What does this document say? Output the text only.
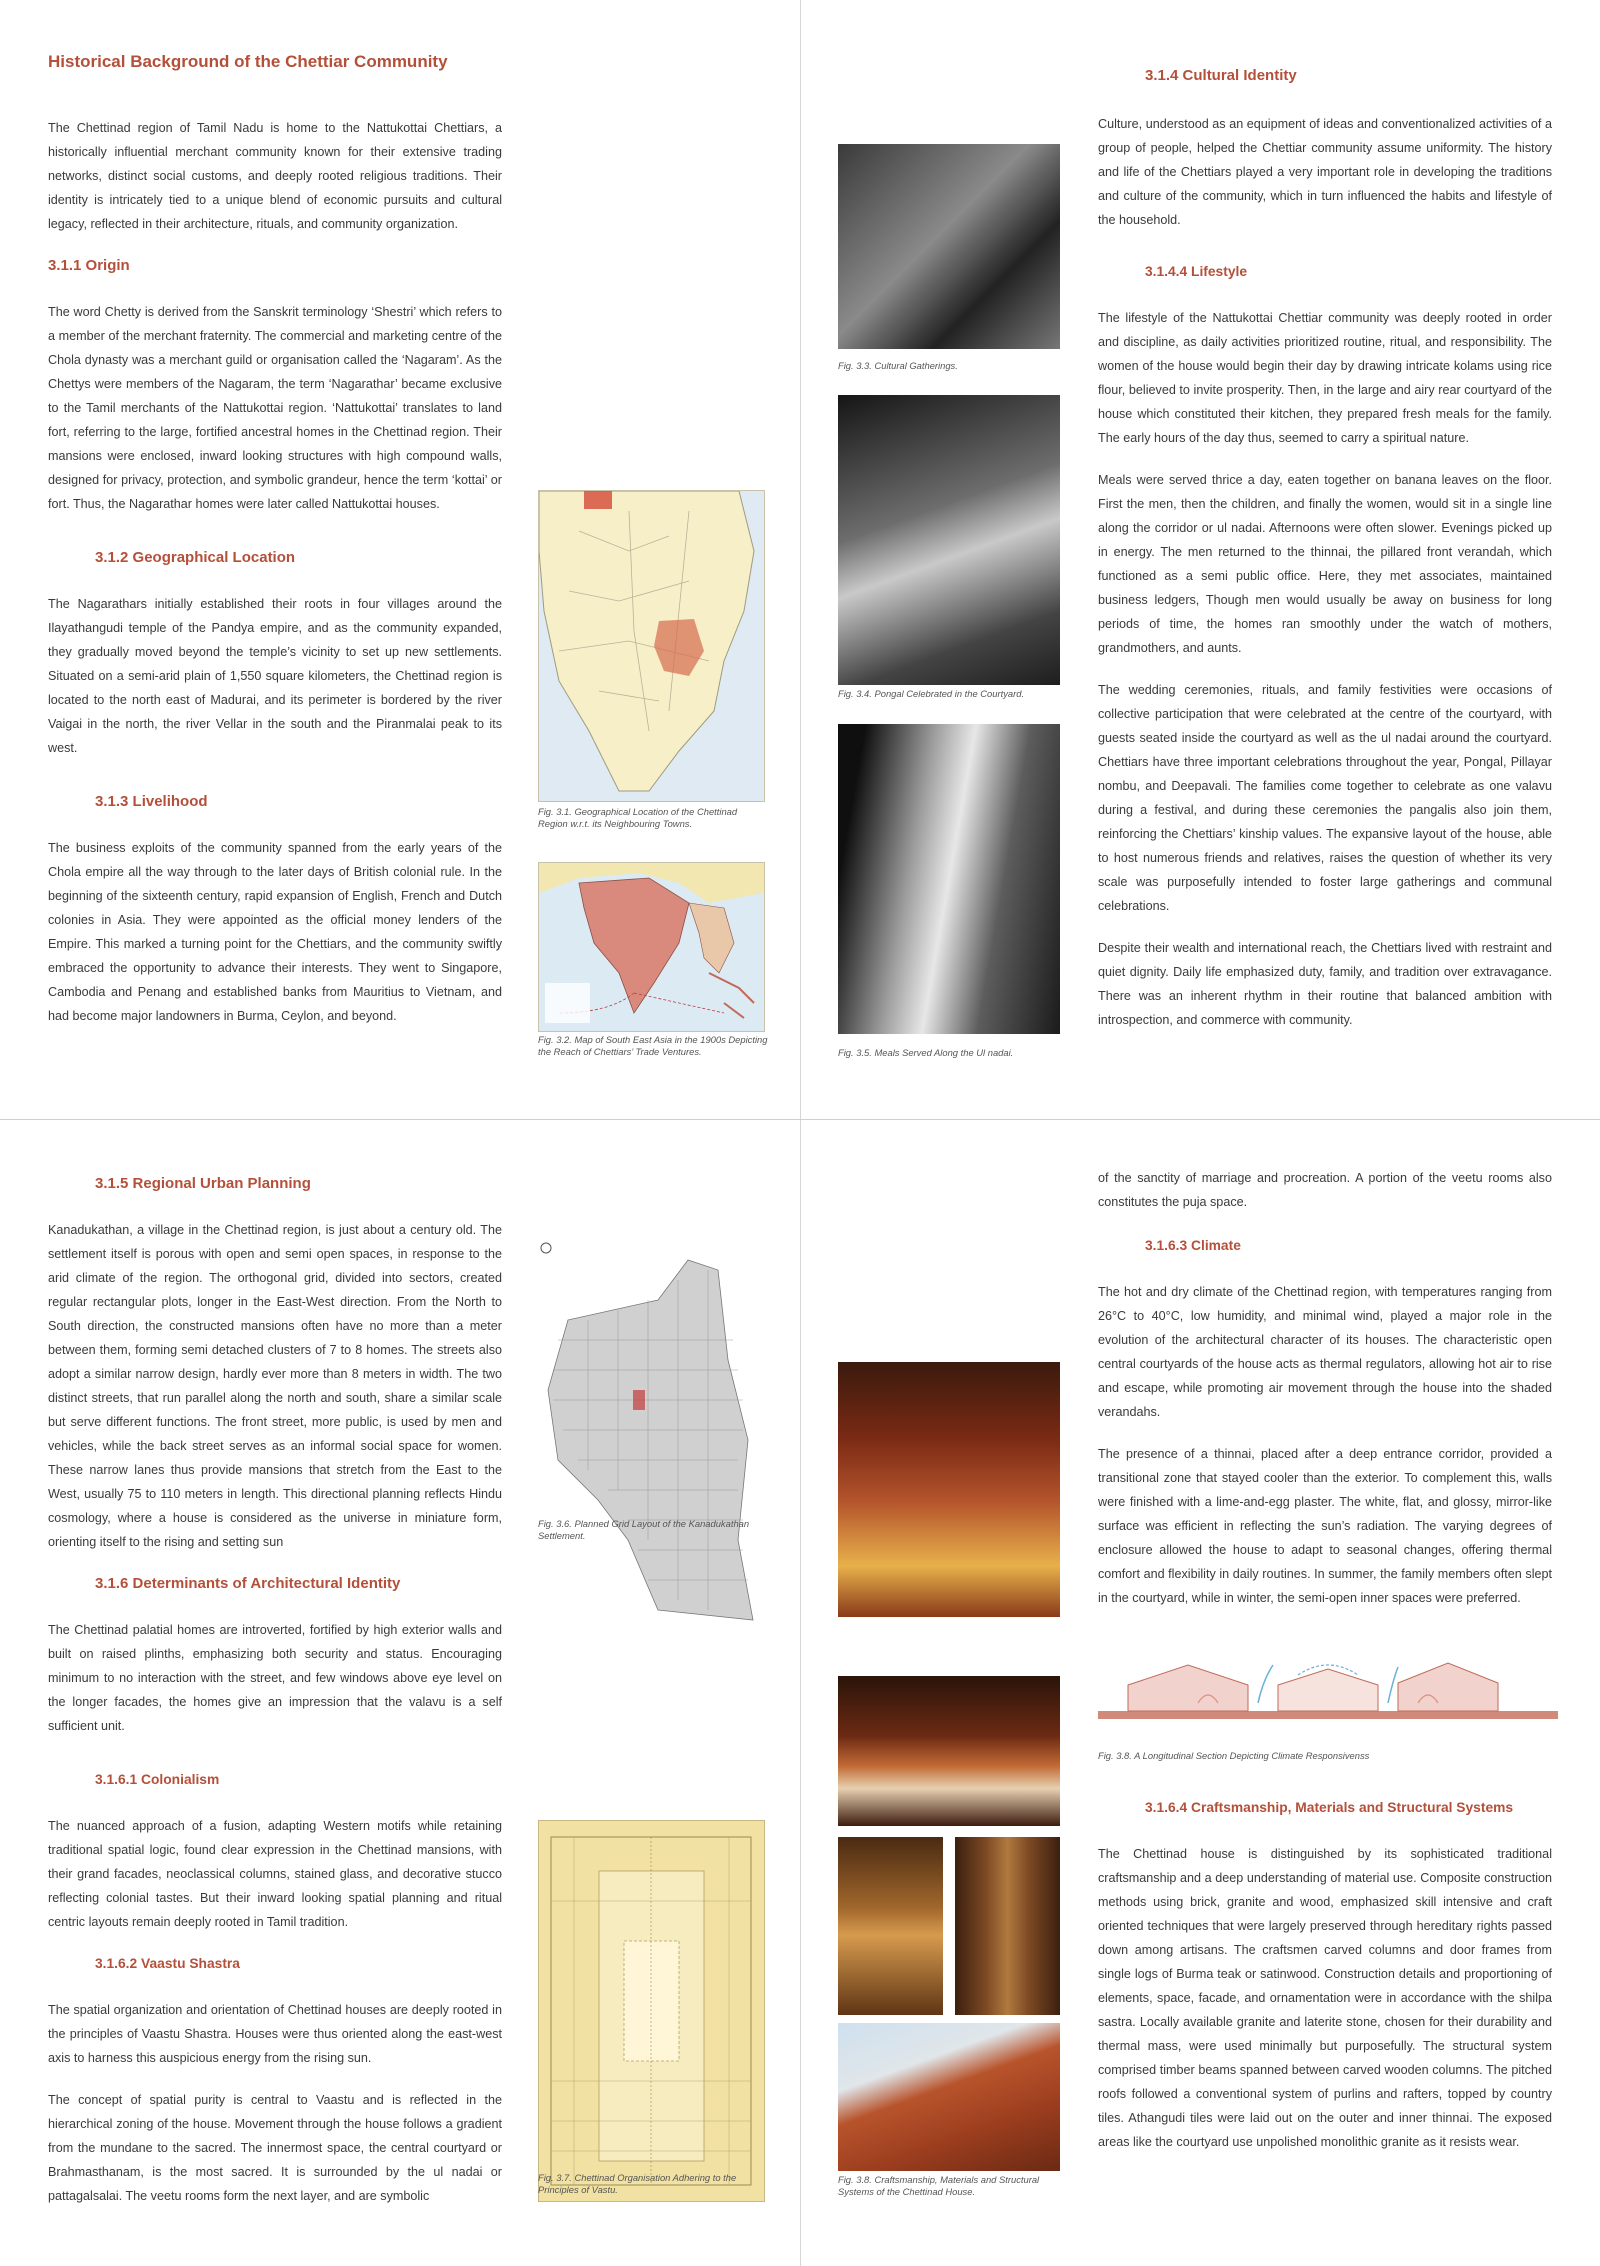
Historical Background of the Chettiar Community

The Chettinad region of Tamil Nadu is home to the Nattukottai Chettiars, a historically influential merchant community known for their extensive trading networks, distinct social customs, and deeply rooted religious traditions. Their identity is intricately tied to a unique blend of economic pursuits and cultural legacy, reflected in their architecture, rituals, and community organization.

3.1.1 Origin

The word Chetty is derived from the Sanskrit terminology ‘Shestri’ which refers to a member of the merchant fraternity. The commercial and marketing centre of the Chola dynasty was a merchant guild or organisation called the ‘Nagaram’. As the Chettys were members of the Nagaram, the term ‘Nagarathar’ became exclusive to the Tamil merchants of the Nattukottai region. ‘Nattukottai’ translates to land fort, referring to the large, fortified ancestral homes in the Chettinad region. Their mansions were enclosed, inward looking structures with high compound walls, designed for privacy, protection, and symbolic grandeur, hence the term ‘kottai’ or fort. Thus, the Nagarathar homes were later called Nattukottai houses.

3.1.2 Geographical Location

The Nagarathars initially established their roots in four villages around the Ilayathangudi temple of the Pandya empire, and as the community expanded, they gradually moved beyond the temple’s vicinity to set up new settlements. Situated on a semi-arid plain of 1,550 square kilometers, the Chettinad region is located to the north east of Madurai, and its perimeter is bordered by the river Vaigai in the north, the river Vellar in the south and the Piranmalai peak to its west.

3.1.3 Livelihood

The business exploits of the community spanned from the early years of the Chola empire all the way through to the later days of British colonial rule. In the beginning of the sixteenth century, rapid expansion of English, French and Dutch colonies in Asia. They were appointed as the official money lenders of the Empire. This marked a turning point for the Chettiars, and the community swiftly embraced the opportunity to advance their interests. They went to Singapore, Cambodia and Penang and established banks from Mauritius to Vietnam, and had become major landowners in Burma, Ceylon, and beyond.

Fig. 3.1. Geographical Location of the Chettinad Region w.r.t. its Neighbouring Towns.
Fig. 3.2. Map of South East Asia in the 1900s Depicting the Reach of Chettiars’ Trade Ventures.
Fig. 3.3. Cultural Gatherings.
Fig. 3.4. Pongal Celebrated in the Courtyard.
Fig. 3.5. Meals Served Along the Ul nadai.
3.1.4 Cultural Identity

Culture, understood as an equipment of ideas and conventionalized activities of a group of people, helped the Chettiar community assume uniformity. The history and life of the Chettiars played a very important role in developing the traditions and culture of the community, which in turn influenced the habits and lifestyle of the household.

3.1.4.4 Lifestyle

The lifestyle of the Nattukottai Chettiar community was deeply rooted in order and discipline, as daily activities prioritized routine, ritual, and responsibility. The women of the house would begin their day by drawing intricate kolams using rice flour, believed to invite prosperity. Then, in the large and airy rear courtyard of the house which constituted their kitchen, they prepared fresh meals for the family. The early hours of the day thus, seemed to carry a spiritual nature.

Meals were served thrice a day, eaten together on banana leaves on the floor. First the men, then the children, and finally the women, would sit in a single line along the corridor or ul nadai. Afternoons were often slower. Evenings picked up in energy. The men returned to the thinnai, the pillared front verandah, which functioned as a semi public office. Here, they met associates, maintained business ledgers, Though men would usually be away on business for long periods of time, the homes ran smoothly under the watch of mothers, grandmothers, and aunts.

The wedding ceremonies, rituals, and family festivities were occasions of collective participation that were celebrated at the centre of the courtyard, with guests seated inside the courtyard as well as the ul nadai around the courtyard. Chettiars have three important celebrations throughout the year, Pongal, Pillayar nombu, and Deepavali. The families come together to celebrate as one valavu during a festival, and during these ceremonies the pangalis also join them, reinforcing the Chettiars’ kinship values. The expansive layout of the house, able to host numerous friends and relatives, raises the question of whether its very scale was purposefully intended to foster large gatherings and communal celebrations.

Despite their wealth and international reach, the Chettiars lived with restraint and quiet dignity. Daily life emphasized duty, family, and tradition over extravagance. There was an inherent rhythm in their routine that balanced ambition with introspection, and commerce with community.

3.1.5 Regional Urban Planning

Kanadukathan, a village in the Chettinad region, is just about a century old. The settlement itself is porous with open and semi open spaces, in response to the arid climate of the region. The orthogonal grid, divided into sectors, created regular rectangular plots, longer in the East-West direction. From the North to South direction, the constructed mansions often have no more than a meter between them, forming semi detached clusters of 7 to 8 homes. The streets also adopt a similar narrow design, hardly ever more than 8 meters in width. The two distinct streets, that run parallel along the north and south, share a similar scale but serve different functions. The front street, more public, is used by men and vehicles, while the back street serves as an informal social space for women. These narrow lanes thus provide mansions that stretch from the East to the West, usually 75 to 110 meters in length. This directional planning reflects Hindu cosmology, where a house is considered as the universe in miniature form, orienting itself to the rising and setting sun

3.1.6 Determinants of Architectural Identity

The Chettinad palatial homes are introverted, fortified by high exterior walls and built on raised plinths, emphasizing both security and status. Encouraging minimum to no interaction with the street, and few windows above eye level on the longer facades, the homes give an impression that the valavu is a self sufficient unit.

3.1.6.1 Colonialism

The nuanced approach of a fusion, adapting Western motifs while retaining traditional spatial logic, found clear expression in the Chettinad mansions, with their grand facades, neoclassical columns, stained glass, and decorative stucco reflecting colonial tastes. But their inward looking spatial planning and ritual centric layouts remain deeply rooted in Tamil tradition.

3.1.6.2 Vaastu Shastra

The spatial organization and orientation of Chettinad houses are deeply rooted in the principles of Vaastu Shastra. Houses were thus oriented along the east-west axis to harness this auspicious energy from the rising sun.

The concept of spatial purity is central to Vaastu and is reflected in the hierarchical zoning of the house. Movement through the house follows a gradient from the mundane to the sacred. The innermost space, the central courtyard or Brahmasthanam, is the most sacred. It is surrounded by the ul nadai or pattagalsalai. The veetu rooms form the next layer, and are symbolic

Fig. 3.6. Planned Grid Layout of the Kanadukathan Settlement.
Fig. 3.7. Chettinad Organisation Adhering to the Principles of Vastu.
Fig. 3.8. Craftsmanship, Materials and Structural Systems of the Chettinad House.

of the sanctity of marriage and procreation. A portion of the veetu rooms also constitutes the puja space.

3.1.6.3 Climate

The hot and dry climate of the Chettinad region, with temperatures ranging from 26°C to 40°C, low humidity, and minimal wind, played a major role in the evolution of the architectural character of its houses. The characteristic open central courtyards of the house acts as thermal regulators, allowing hot air to rise and escape, while promoting air movement through the house into the shaded verandahs.

The presence of a thinnai, placed after a deep entrance corridor, provided a transitional zone that stayed cooler than the exterior. To complement this, walls were finished with a lime-and-egg plaster. The white, flat, and glossy, mirror-like surface was efficient in reflecting the sun’s radiation. The varying degrees of enclosure allowed the house to adapt to seasonal changes, offering thermal comfort and flexibility in daily routines. In summer, the family members often slept in the courtyard, while in winter, the semi-open inner spaces were preferred.

Fig. 3.8. A Longitudinal Section Depicting Climate Responsivenss
3.1.6.4 Craftsmanship, Materials and Structural Systems

The Chettinad house is distinguished by its sophisticated traditional craftsmanship and a deep understanding of material use. Composite construction methods using brick, granite and wood, emphasized skill intensive and craft oriented techniques that were largely preserved through hereditary rights passed down among artisans. The craftsmen carved columns and door frames from single logs of Burma teak or satinwood. Construction details and proportioning of elements, space, facade, and ornamentation were in accordance with the shilpa sastra. Locally available granite and laterite stone, chosen for their durability and thermal mass, were used minimally but purposefully. The structural system comprised timber beams spanned between carved wooden columns. The pitched roofs followed a conventional system of purlins and rafters, topped by country tiles. Athangudi tiles were laid out on the outer and inner thinnai. The exposed areas like the courtyard use unpolished monolithic granite as it resists wear.
